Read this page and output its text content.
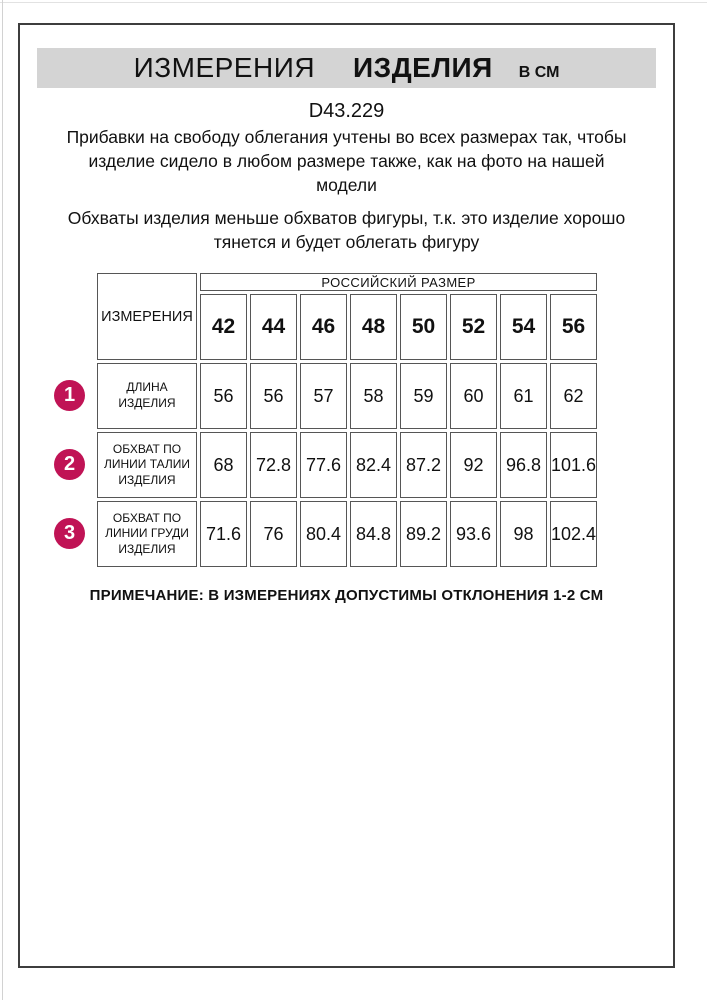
ИЗМЕРЕНИЯ ИЗДЕЛИЯ В СМ
D43.229
Прибавки на свободу облегания учтены во всех размерах так, чтобы
изделие сидело в любом размере также, как на фото на нашей
модели
Обхваты изделия меньше обхватов фигуры, т.к. это изделие хорошо
тянется и будет облегать фигуру
1
2
3
ИЗМЕРЕНИЯ	РОССИЙСКИЙ РАЗМЕР							
	42	44	46	48	50	52	54	56
ДЛИНА ИЗДЕЛИЯ	56	56	57	58	59	60	61	62
ОБХВАТ ПО ЛИНИИ ТАЛИИ ИЗДЕЛИЯ	68	72.8	77.6	82.4	87.2	92	96.8	101.6
ОБХВАТ ПО ЛИНИИ ГРУДИ ИЗДЕЛИЯ	71.6	76	80.4	84.8	89.2	93.6	98	102.4
ПРИМЕЧАНИЕ: В ИЗМЕРЕНИЯХ ДОПУСТИМЫ ОТКЛОНЕНИЯ 1-2 СМ
